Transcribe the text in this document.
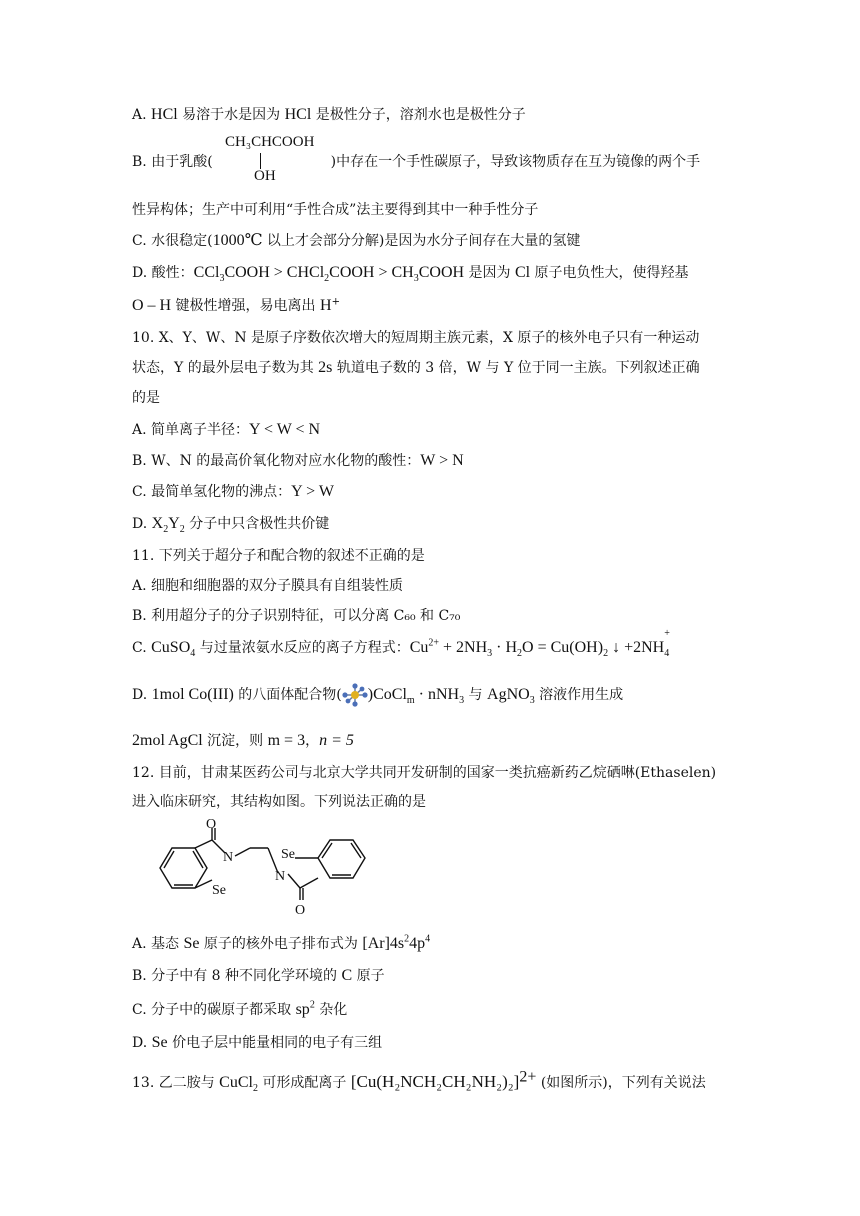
A. HCl 易溶于水是因为 HCl 是极性分子，溶剂水也是极性分子
B. 由于乳酸(	)中存在一个手性碳原子，导致该物质存在互为镜像的两个手
CH₃CHCOOH
OH
性异构体；生产中可利用“手性合成”法主要得到其中一种手性分子
C. 水很稳定(1000℃ 以上才会部分分解)是因为水分子间存在大量的氢键
D. 酸性：CCl$_3$COOH > CHCl$_2$COOH > $CH_3COOH$ 是因为 Cl 原子电负性大，使得羟基
O – H 键极性增强，易电离出 H+
10. X、Y、W、N 是原子序数依次增大的短周期主族元素，X 原子的核外电子只有一种运动
状态，Y 的最外层电子数为其 2s 轨道电子数的 3 倍，W 与 Y 位于同一主族。下列叙述正确
的是
A. 简单离子半径：Y < W < N
B. W、N 的最高价氧化物对应水化物的酸性：W > N
C. 最简单氢化物的沸点：Y > W
D. $X_2Y_2$ 分子中只含极性共价键
11. 下列关于超分子和配合物的叙述不正确的是
A. 细胞和细胞器的双分子膜具有自组装性质
B. 利用超分子的分子识别特征，可以分离 C₆₀ 和 C₇₀
C. CuSO$_4$ 与过量浓氨水反应的离子方程式：$Cu^{2+} + 2NH_3 \cdot H_2O = Cu(OH)_2$ ↓ +2NH
+
$_4$
D. 1mol Co(III) 的八面体配合物( )CoCl$_m$ · nNH$_3$ 与 AgNO$_3$ 溶液作用生成
2mol AgCl 沉淀，则 m = 3，n = 5
12. 目前，甘肃某医药公司与北京大学共同开发研制的国家一类抗癌新药乙烷硒啉(Ethaselen)
进入临床研究，其结构如图。下列说法正确的是
O
N
Se
Se
N
O
A. 基态 Se 原子的核外电子排布式为 $[Ar]4s^24p^4$
B. 分子中有 8 种不同化学环境的 C 原子
C. 分子中的碳原子都采取 $sp^2$ 杂化
D. Se 价电子层中能量相同的电子有三组
13. 乙二胺与 CuCl$_2$ 可形成配离子 $[Cu(H_2NCH_2CH_2NH_2)_2]^{2+}$ (如图所示)，下列有关说法
